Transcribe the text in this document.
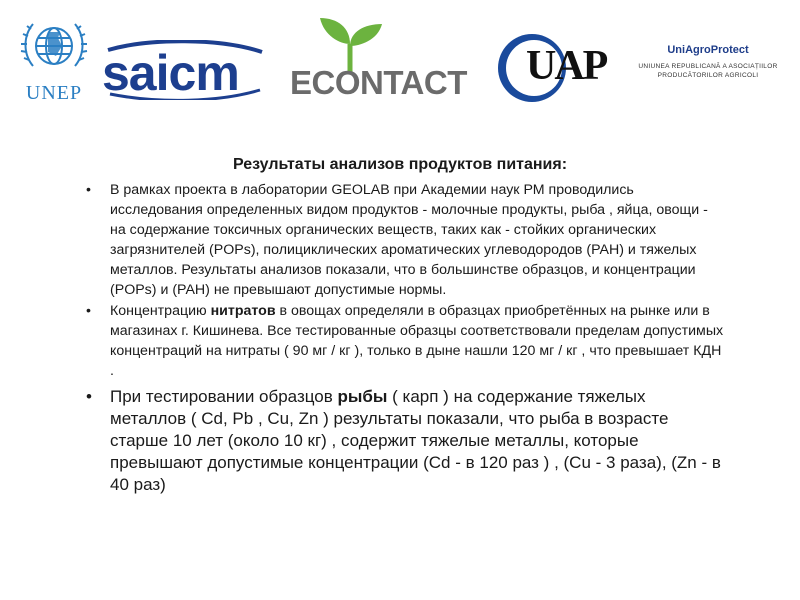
UNEP saicm ECONTACT UAP	UniAgroProtect
UNIUNEA REPUBLICANĂ A ASOCIAȚIILOR
PRODUCĂTORILOR AGRICOLI
Результаты анализов продуктов питания:
• В рамках проекта в лаборатории GEOLAB при Академии наук РМ проводились исследования определенных видом продуктов - молочные продукты, рыба , яйца, овощи - на содержание токсичных органических веществ, таких как - стойких органических загрязнителей (POPs), полициклических ароматических углеводородов (PAH) и тяжелых металлов. Результаты анализов показали, что в большинстве образцов, и концентрации (POPs) и (PAH) не превышают допустимые нормы.
• Концентрацию нитратов в овощах определяли в образцах приобретённых на рынке или в магазинах г. Кишинева. Все тестированные образцы соответствовали пределам допустимых концентраций на нитраты ( 90 мг / кг ), только в дыне нашли 120 мг / кг , что превышает КДН .
• При тестировании образцов рыбы ( карп ) на содержание тяжелых металлов ( Cd, Pb , Cu, Zn ) результаты показали, что рыба в возрасте старше 10 лет (около 10 кг) , содержит тяжелые металлы, которые превышают допустимые концентрации (Cd - в 120 раз ) , (Cu - 3 раза), (Zn - в 40 раз)
